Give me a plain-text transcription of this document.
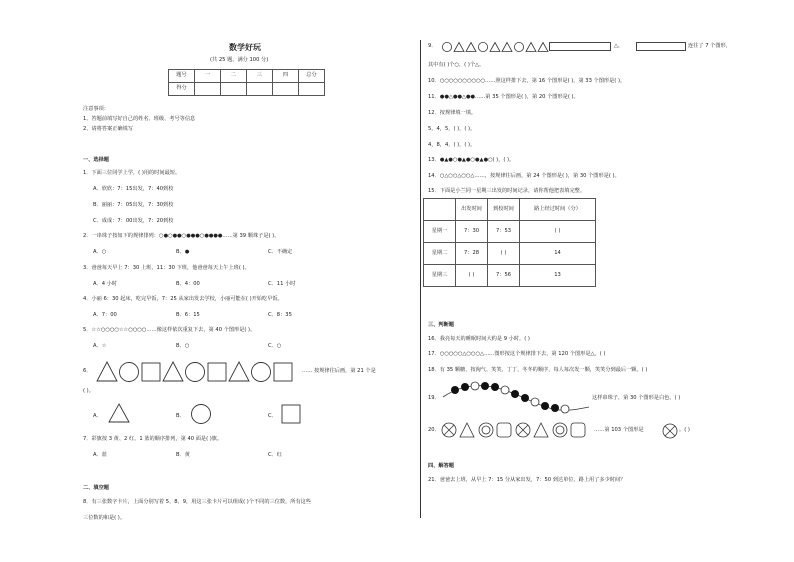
数学好玩
(共 25 题，满分 100 分)
题号	一	二	三	四	总分
得分					
注意事项：
1、答题前填写好自己的姓名、班级、考号等信息
2、请将答案正确填写
一、选择题
1．下面三位同学上学，( )用的时间最短。
A．欣欣：7：15出发，7：40到校
B．丽丽：7：05出发，7：30到校
C．成成：7：00出发，7：20到校
2．一串珠子按如下的规律排列：○●○●●○●●●○●●●●……第 39 颗珠子是( )。
A．○	B．●	C．不确定
3．爸爸每天早上 7：30 上班，11：30 下班，他爸爸每天上午上班( )。
A．4 小时	B．4：00	C．11 小时
4．小丽 6：30 起床，吃完早饭，7：25 从家出发去学校，小丽可能在( )开始吃早饭。
A．7：00	B．6：15	C．8：35
5．☆☆○○○○☆☆○○○○……像这样依次重复下去，第 40 个图形是( )。
A．☆	B．○	C．○
6．	…… 按规律往后画，第 21 个是
( )。
A．	B．	C．
7．彩旗按 3 黄、2 红、1 蓝的顺序排列，第 40 面是( )旗。
A．蓝	B．黄	C．红
二、填空题
8．有三张数字卡片，上面分别写着 5、8、9，用这三张卡片可以组成( )个不同的三位数，所有这些
三位数的和是( )。
9．	△，	连往了 7 个图形，
其中有( )个○，( )个△。
10．○○○○○○○○○○……照这样排下去，第 16 个图形是( )，第 33 个图形是( )。
11．●●△●●△●●……第 35 个图形是( )，第 20 个图形是( )。
12．按规律填一填。
5，4，5，( )，( )。
4，8，4，( )，( )。
13．●▲●○●▲●○●▲●○( )，( )。
14．○△○○△○○△……，按规律往后画，第 24 个图形是( )，第 30 个图形是( )。
15．下面是小兰同一星期三出发的时间记录，请你帮他把表填完整。
	出发时间	到校时间	路上经过时间（分）
星期一	7：30	7：53	( )
星期二	7：28	( )	14
星期三	( )	7：56	13
三、判断题
16．我亮每天的睡眠时间大约是 9 小时。( )
17．○○○○○△○○○△……图形按这个规律排下去，第 120 个图形是△。( )
18．有 35 颗糖，按淘气、笑笑、丁丁、冬冬的顺序，每人每次发一颗，笑笑分到最后一颗。( )
19．	这样串珠子，第 30 个图形是白色。( )
20．	……第 103 个图形是	。( )
四、解答题
21．爸爸去上班，从早上 7：15 分从家出发，7：50 到达单位，路上用了多少时间？
